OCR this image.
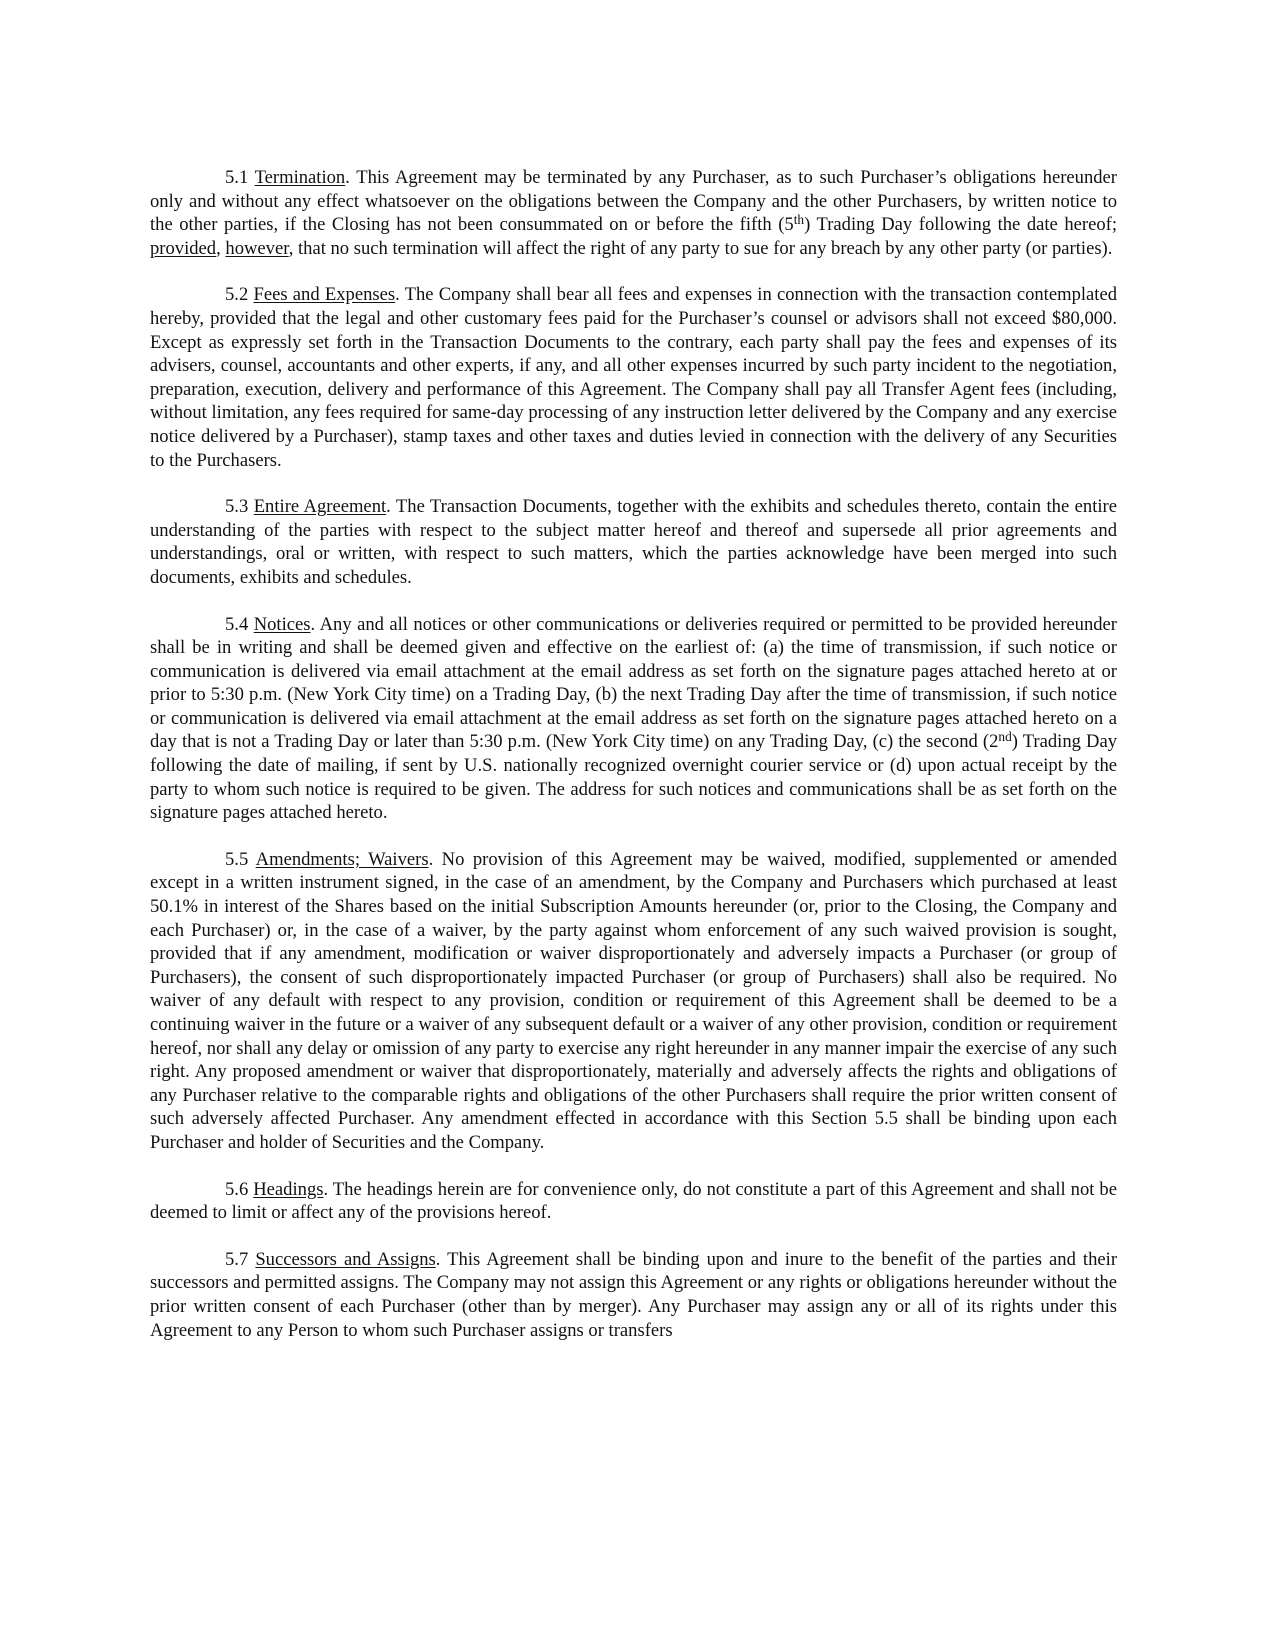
5.1 Termination. This Agreement may be terminated by any Purchaser, as to such Purchaser’s obligations hereunder only and without any effect whatsoever on the obligations between the Company and the other Purchasers, by written notice to the other parties, if the Closing has not been consummated on or before the fifth (5th) Trading Day following the date hereof; provided, however, that no such termination will affect the right of any party to sue for any breach by any other party (or parties).

5.2 Fees and Expenses. The Company shall bear all fees and expenses in connection with the transaction contemplated hereby, provided that the legal and other customary fees paid for the Purchaser’s counsel or advisors shall not exceed $80,000. Except as expressly set forth in the Transaction Documents to the contrary, each party shall pay the fees and expenses of its advisers, counsel, accountants and other experts, if any, and all other expenses incurred by such party incident to the negotiation, preparation, execution, delivery and performance of this Agreement. The Company shall pay all Transfer Agent fees (including, without limitation, any fees required for same-day processing of any instruction letter delivered by the Company and any exercise notice delivered by a Purchaser), stamp taxes and other taxes and duties levied in connection with the delivery of any Securities to the Purchasers.

5.3 Entire Agreement. The Transaction Documents, together with the exhibits and schedules thereto, contain the entire understanding of the parties with respect to the subject matter hereof and thereof and supersede all prior agreements and understandings, oral or written, with respect to such matters, which the parties acknowledge have been merged into such documents, exhibits and schedules.

5.4 Notices. Any and all notices or other communications or deliveries required or permitted to be provided hereunder shall be in writing and shall be deemed given and effective on the earliest of: (a) the time of transmission, if such notice or communication is delivered via email attachment at the email address as set forth on the signature pages attached hereto at or prior to 5:30 p.m. (New York City time) on a Trading Day, (b) the next Trading Day after the time of transmission, if such notice or communication is delivered via email attachment at the email address as set forth on the signature pages attached hereto on a day that is not a Trading Day or later than 5:30 p.m. (New York City time) on any Trading Day, (c) the second (2nd) Trading Day following the date of mailing, if sent by U.S. nationally recognized overnight courier service or (d) upon actual receipt by the party to whom such notice is required to be given. The address for such notices and communications shall be as set forth on the signature pages attached hereto.

5.5 Amendments; Waivers. No provision of this Agreement may be waived, modified, supplemented or amended except in a written instrument signed, in the case of an amendment, by the Company and Purchasers which purchased at least 50.1% in interest of the Shares based on the initial Subscription Amounts hereunder (or, prior to the Closing, the Company and each Purchaser) or, in the case of a waiver, by the party against whom enforcement of any such waived provision is sought, provided that if any amendment, modification or waiver disproportionately and adversely impacts a Purchaser (or group of Purchasers), the consent of such disproportionately impacted Purchaser (or group of Purchasers) shall also be required. No waiver of any default with respect to any provision, condition or requirement of this Agreement shall be deemed to be a continuing waiver in the future or a waiver of any subsequent default or a waiver of any other provision, condition or requirement hereof, nor shall any delay or omission of any party to exercise any right hereunder in any manner impair the exercise of any such right. Any proposed amendment or waiver that disproportionately, materially and adversely affects the rights and obligations of any Purchaser relative to the comparable rights and obligations of the other Purchasers shall require the prior written consent of such adversely affected Purchaser. Any amendment effected in accordance with this Section 5.5 shall be binding upon each Purchaser and holder of Securities and the Company.

5.6 Headings. The headings herein are for convenience only, do not constitute a part of this Agreement and shall not be deemed to limit or affect any of the provisions hereof.

5.7 Successors and Assigns. This Agreement shall be binding upon and inure to the benefit of the parties and their successors and permitted assigns. The Company may not assign this Agreement or any rights or obligations hereunder without the prior written consent of each Purchaser (other than by merger). Any Purchaser may assign any or all of its rights under this Agreement to any Person to whom such Purchaser assigns or transfers
